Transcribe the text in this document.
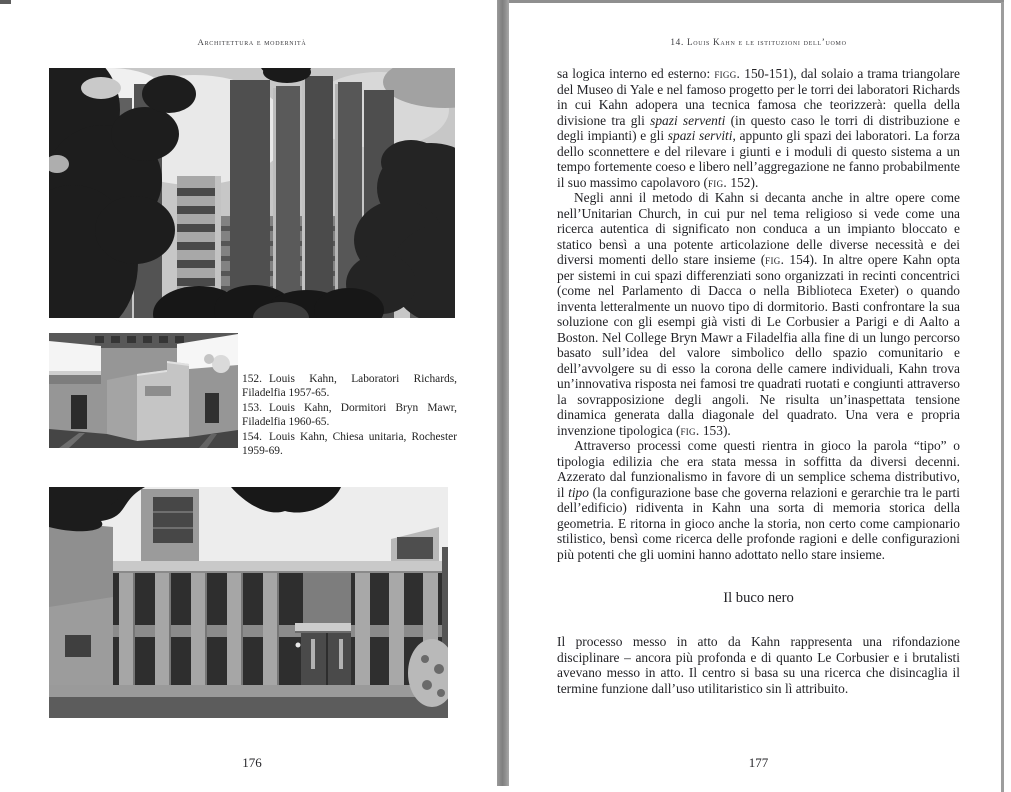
Architettura e modernità

152. Louis Kahn, Laboratori Richards, Filadelfia 1957-65.

153. Louis Kahn, Dormitori Bryn Mawr, Filadelfia 1960-65.

154. Louis Kahn, Chiesa unitaria, Rochester 1959-69.

176
14. Louis Kahn e le istituzioni dell’uomo

sa logica interno ed esterno: figg. 150-151), dal solaio a trama triangolare del Museo di Yale e nel famoso progetto per le torri dei laboratori Richards in cui Kahn adopera una tecnica famosa che teorizzerà: quella della divisione tra gli spazi serventi (in questo caso le torri di distribuzione e degli impianti) e gli spazi serviti, appunto gli spazi dei laboratori. La forza dello sconnettere e del rilevare i giunti e i moduli di questo sistema a un tempo fortemente coeso e libero nell’aggregazione ne fanno probabilmente il suo massimo capolavoro (fig. 152).

Negli anni il metodo di Kahn si decanta anche in altre opere come nell’Unitarian Church, in cui pur nel tema religioso si vede come una ricerca autentica di significato non conduca a un impianto bloccato e statico bensì a una potente articolazione delle diverse necessità e dei diversi momenti dello stare insieme (fig. 154). In altre opere Kahn opta per sistemi in cui spazi differenziati sono organizzati in recinti concentrici (come nel Parlamento di Dacca o nella Biblioteca Exeter) o quando inventa letteralmente un nuovo tipo di dormitorio. Basti confrontare la sua soluzione con gli esempi già visti di Le Corbusier a Parigi e di Aalto a Boston. Nel College Bryn Mawr a Filadelfia alla fine di un lungo percorso basato sull’idea del valore simbolico dello spazio comunitario e dell’avvolgere su di esso la corona delle camere individuali, Kahn trova un’innovativa risposta nei famosi tre quadrati ruotati e congiunti attraverso la sovrapposizione degli angoli. Ne risulta un’inaspettata tensione dinamica generata dalla diagonale del quadrato. Una vera e propria invenzione tipologica (fig. 153).

Attraverso processi come questi rientra in gioco la parola “tipo” o tipologia edilizia che era stata messa in soffitta da diversi decenni. Azzerato dal funzionalismo in favore di un semplice schema distributivo, il tipo (la configurazione base che governa relazioni e gerarchie tra le parti dell’edificio) ridiventa in Kahn una sorta di memoria storica della geometria. E ritorna in gioco anche la storia, non certo come campionario stilistico, bensì come ricerca delle profonde ragioni e delle configurazioni più potenti che gli uomini hanno adottato nello stare insieme.

Il buco nero

Il processo messo in atto da Kahn rappresenta una rifondazione disciplinare – ancora più profonda e di quanto Le Corbusier e i brutalisti avevano messo in atto. Il centro si basa su una ricerca che disincaglia il termine funzione dall’uso utilitaristico sin lì attribuito.

177
